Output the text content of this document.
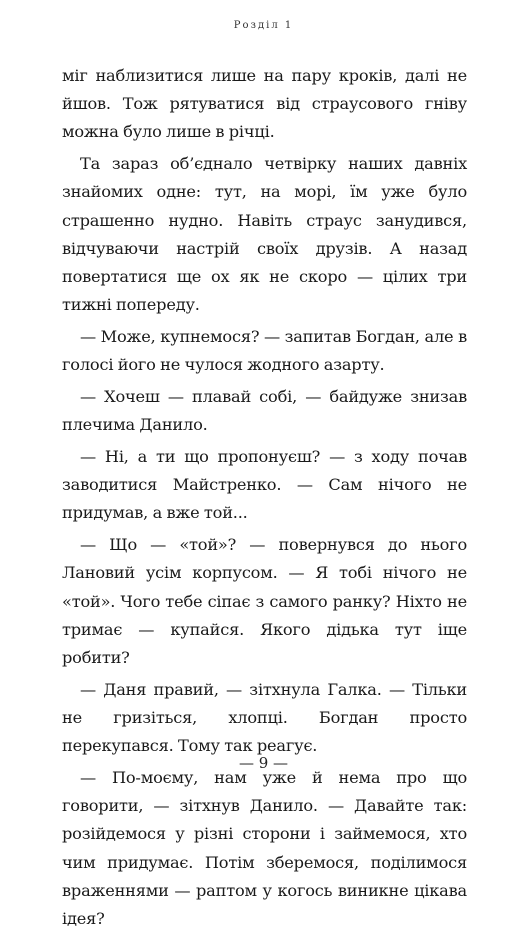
Розділ 1

міг наблизитися лише на пару кроків, далі не йшов. Тож рятуватися від страусового гніву можна було лише в річці.

Та зараз об’єднало четвірку наших давніх знайомих одне: тут, на морі, їм уже було страшенно нудно. Навіть страус занудився, відчуваючи настрій своїх друзів. А назад повертатися ще ох як не скоро — цілих три тижні попереду.

— Може, купнемося? — запитав Богдан, але в голосі його не чулося жодного азарту.

— Хочеш — плавай собі, — байдуже знизав плечима Данило.

— Ні, а ти що пропонуєш? — з ходу почав заводитися Майстренко. — Сам нічого не придумав, а вже той...

— Що — «той»? — повернувся до нього Лановий усім корпусом. — Я тобі нічого не «той». Чого тебе сіпає з самого ранку? Ніхто не тримає — купайся. Якого дідька тут іще робити?

— Даня правий, — зітхнула Галка. — Тільки не гризіться, хлопці. Богдан просто перекупався. Тому так реагує.

— По-моєму, нам уже й нема про що говорити, — зітхнув Данило. — Давайте так: розійдемося у різні сторони і займемося, хто чим придумає. Потім зберемося, поділимося враженнями — раптом у когось виникне цікава ідея?

— 9 —
